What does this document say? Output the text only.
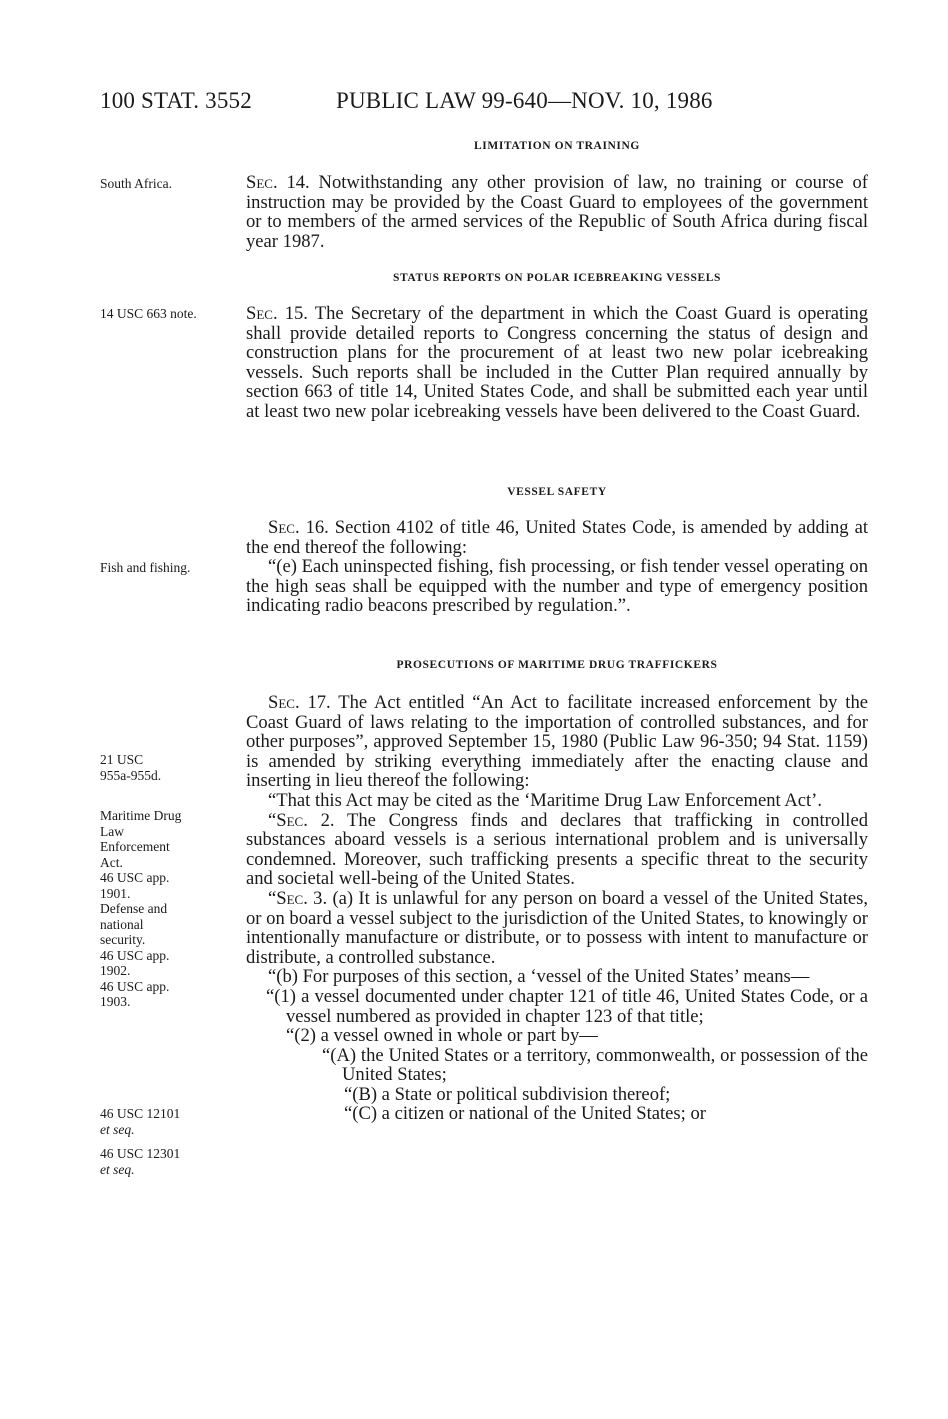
100 STAT. 3552	PUBLIC LAW 99-640—NOV. 10, 1986
LIMITATION ON TRAINING
South Africa.	Sec. 14. Notwithstanding any other provision of law, no training or course of instruction may be provided by the Coast Guard to employees of the government or to members of the armed services of the Republic of South Africa during fiscal year 1987.

STATUS REPORTS ON POLAR ICEBREAKING VESSELS
14 USC 663 note.	Sec. 15. The Secretary of the department in which the Coast Guard is operating shall provide detailed reports to Congress concerning the status of design and construction plans for the procurement of at least two new polar icebreaking vessels. Such reports shall be included in the Cutter Plan required annually by section 663 of title 14, United States Code, and shall be submitted each year until at least two new polar icebreaking vessels have been delivered to the Coast Guard.

VESSEL SAFETY

Sec. 16. Section 4102 of title 46, United States Code, is amended by adding at the end thereof the following:

“(e) Each uninspected fishing, fish processing, or fish tender vessel operating on the high seas shall be equipped with the number and type of emergency position indicating radio beacons prescribed by regulation.”.

Fish and fishing.
PROSECUTIONS OF MARITIME DRUG TRAFFICKERS

Sec. 17. The Act entitled “An Act to facilitate increased enforcement by the Coast Guard of laws relating to the importation of controlled substances, and for other purposes”, approved September 15, 1980 (Public Law 96-350; 94 Stat. 1159) is amended by striking everything immediately after the enacting clause and inserting in lieu thereof the following:

“That this Act may be cited as the ‘Maritime Drug Law Enforcement Act’.

“Sec. 2. The Congress finds and declares that trafficking in controlled substances aboard vessels is a serious international problem and is universally condemned. Moreover, such trafficking presents a specific threat to the security and societal well-being of the United States.

“Sec. 3. (a) It is unlawful for any person on board a vessel of the United States, or on board a vessel subject to the jurisdiction of the United States, to knowingly or intentionally manufacture or distribute, or to possess with intent to manufacture or distribute, a controlled substance.

“(b) For purposes of this section, a ‘vessel of the United States’ means—

“(1) a vessel documented under chapter 121 of title 46, United States Code, or a vessel numbered as provided in chapter 123 of that title;

“(2) a vessel owned in whole or part by—

“(A) the United States or a territory, commonwealth, or possession of the United States;

“(B) a State or political subdivision thereof;

“(C) a citizen or national of the United States; or

21 USC

955a-955d.

Maritime Drug

Law

Enforcement

Act.

46 USC app.

1901.

Defense and

national

security.

46 USC app.

1902.

46 USC app.

1903.

46 USC 12101

et seq.

46 USC 12301

et seq.
